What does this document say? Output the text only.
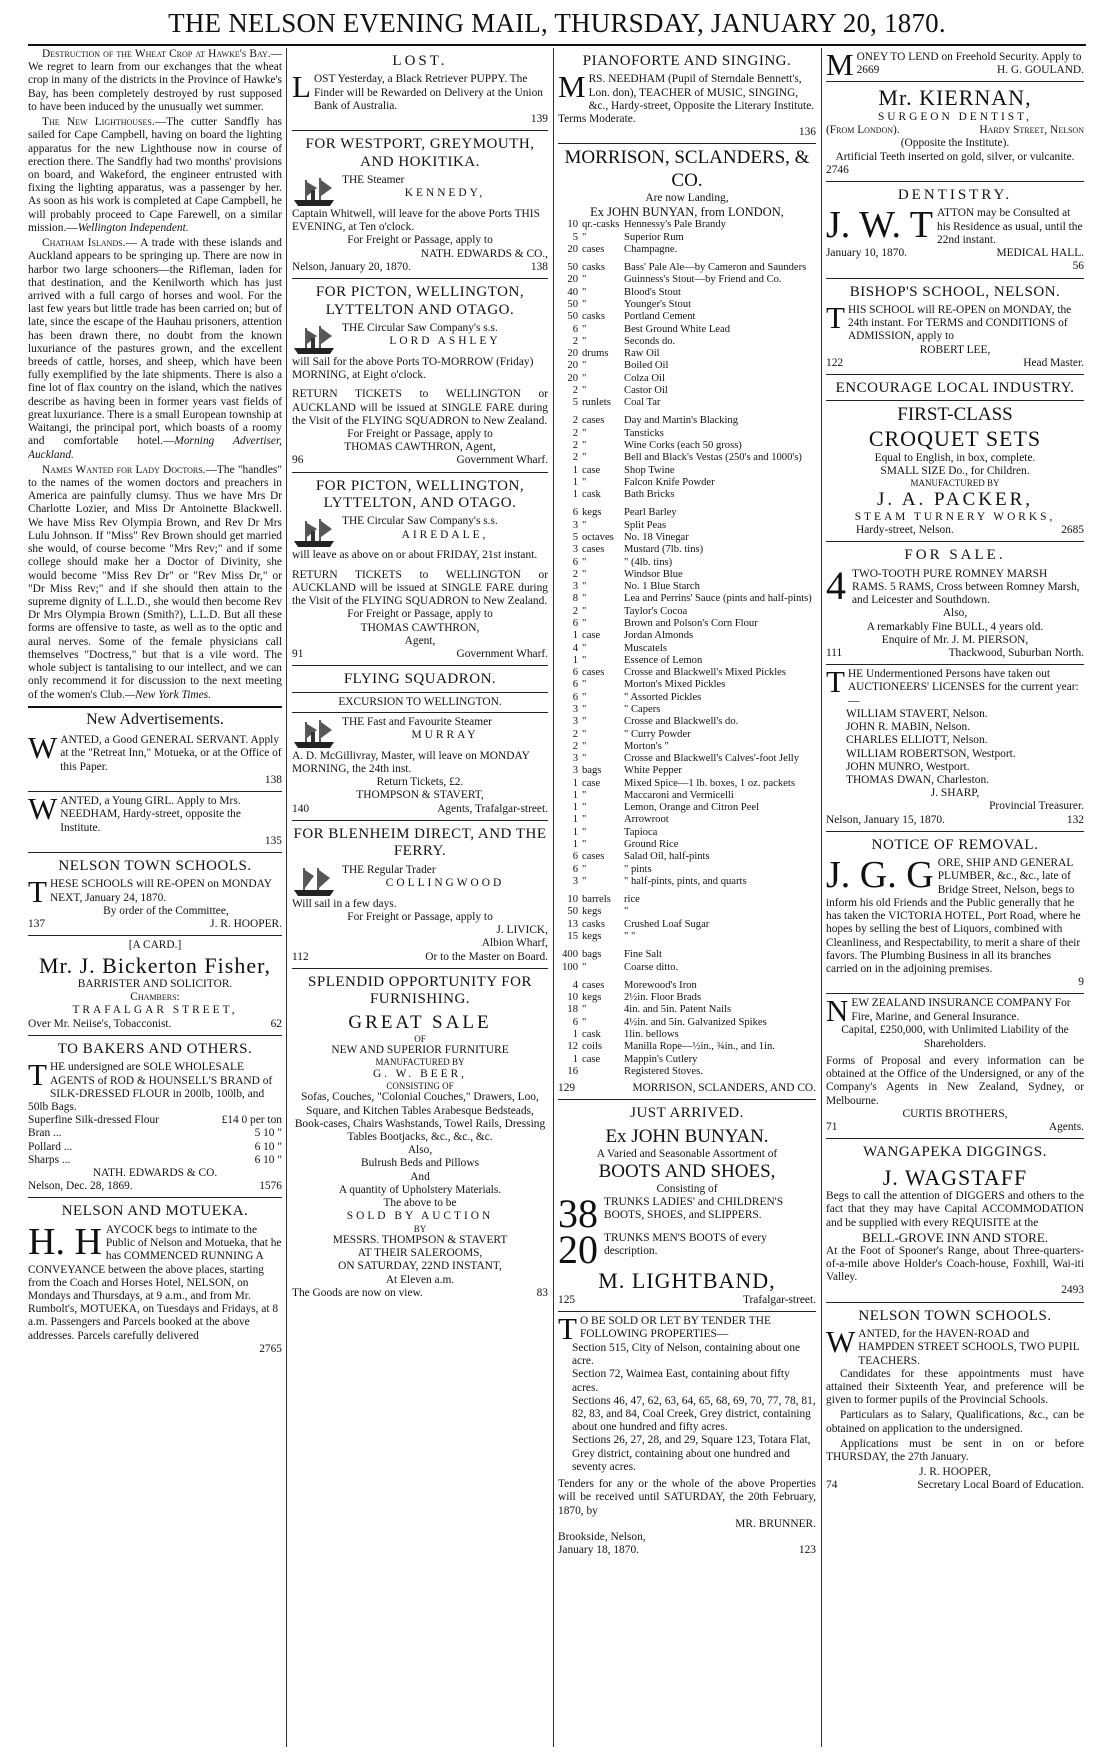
THE NELSON EVENING MAIL, THURSDAY, JANUARY 20, 1870.

Destruction of the Wheat Crop at Hawke's Bay.—We regret to learn from our exchanges that the wheat crop in many of the districts in the Province of Hawke's Bay, has been completely destroyed by rust supposed to have been induced by the unusually wet summer.

The New Lighthouses.—The cutter Sandfly has sailed for Cape Campbell, having on board the lighting apparatus for the new Lighthouse now in course of erection there. The Sandfly had two months' provisions on board, and Wakeford, the engineer entrusted with fixing the lighting apparatus, was a passenger by her. As soon as his work is completed at Cape Campbell, he will probably proceed to Cape Farewell, on a similar mission.—Wellington Independent.

Chatham Islands.— A trade with these islands and Auckland appears to be springing up. There are now in harbor two large schooners—the Rifleman, laden for that destination, and the Kenilworth which has just arrived with a full cargo of horses and wool. For the last few years but little trade has been carried on; but of late, since the escape of the Hauhau prisoners, attention has been drawn there, no doubt from the known luxuriance of the pastures grown, and the excellent breeds of cattle, horses, and sheep, which have been fully exemplified by the late shipments. There is also a fine lot of flax country on the island, which the natives describe as having been in former years vast fields of great luxuriance. There is a small European township at Waitangi, the principal port, which boasts of a roomy and comfortable hotel.—Morning Advertiser, Auckland.

Names Wanted for Lady Doctors.—The "handles" to the names of the women doctors and preachers in America are painfully clumsy. Thus we have Mrs Dr Charlotte Lozier, and Miss Dr Antoinette Blackwell. We have Miss Rev Olympia Brown, and Rev Dr Mrs Lulu Johnson. If "Miss" Rev Brown should get married she would, of course become "Mrs Rev;" and if some college should make her a Doctor of Divinity, she would become "Miss Rev Dr" or "Rev Miss Dr," or "Dr Miss Rev;" and if she should then attain to the supreme dignity of L.L.D., she would then become Rev Dr Mrs Olympia Brown (Smith?), L.L.D. But all these forms are offensive to taste, as well as to the optic and aural nerves. Some of the female physicians call themselves "Doctress," but that is a vile word. The whole subject is tantalising to our intellect, and we can only recommend it for discussion to the next meeting of the women's Club.—New York Times.

New Advertisements.
WANTED, a Good GENERAL SERVANT. Apply at the "Retreat Inn," Motueka, or at the Office of this Paper.
138
WANTED, a Young GIRL. Apply to Mrs. NEEDHAM, Hardy-street, opposite the Institute.
135
NELSON TOWN SCHOOLS.
T HESE SCHOOLS will RE-OPEN on MONDAY NEXT, January 24, 1870.
By order of the Committee,
137	J. R. HOOPER.
[A CARD.]
Mr. J. Bickerton Fisher,
BARRISTER AND SOLICITOR.
Chambers:
TRAFALGAR STREET,
Over Mr. Neiise's, Tobacconist.	62
TO BAKERS AND OTHERS.
T HE undersigned are SOLE WHOLESALE AGENTS of ROD & HOUNSELL'S BRAND of SILK-DRESSED FLOUR in 200lb, 100lb, and 50lb Bags.
Superfine Silk-dressed Flour	£14 0 per ton
Bran ...	5 10 "
Pollard ...	6 10 "
Sharps ...	6 10 "
NATH. EDWARDS & CO.
Nelson, Dec. 28, 1869.	1576
NELSON AND MOTUEKA.
H. H AYCOCK begs to intimate to the Public of Nelson and Motueka, that he has COMMENCED RUNNING A CONVEYANCE between the above places, starting from the Coach and Horses Hotel, NELSON, on Mondays and Thursdays, at 9 a.m., and from Mr. Rumbolt's, MOTUEKA, on Tuesdays and Fridays, at 8 a.m. Passengers and Parcels booked at the above addresses. Parcels carefully delivered
2765
LOST.
L OST Yesterday, a Black Retriever PUPPY. The Finder will be Rewarded on Delivery at the Union Bank of Australia.
139
FOR WESTPORT, GREYMOUTH, AND HOKITIKA.
THE Steamer
KENNEDY,
Captain Whitwell, will leave for the above Ports THIS EVENING, at Ten o'clock.
For Freight or Passage, apply to
NATH. EDWARDS & CO.,
Nelson, January 20, 1870.	138
FOR PICTON, WELLINGTON, LYTTELTON AND OTAGO.
THE Circular Saw Company's s.s.
LORD ASHLEY
will Sail for the above Ports TO-MORROW (Friday) MORNING, at Eight o'clock.
RETURN TICKETS to WELLINGTON or AUCKLAND will be issued at SINGLE FARE during the Visit of the FLYING SQUADRON to New Zealand.
For Freight or Passage, apply to
THOMAS CAWTHRON, Agent,
96	Government Wharf.
FOR PICTON, WELLINGTON, LYTTELTON, AND OTAGO.
THE Circular Saw Company's s.s.
AIREDALE,
will leave as above on or about FRIDAY, 21st instant.
RETURN TICKETS to WELLINGTON or AUCKLAND will be issued at SINGLE FARE during the Visit of the FLYING SQUADRON to New Zealand.
For Freight or Passage, apply to
THOMAS CAWTHRON,
Agent,
91	Government Wharf.
FLYING SQUADRON.
EXCURSION TO WELLINGTON.
THE Fast and Favourite Steamer
MURRAY
A. D. McGillivray, Master, will leave on MONDAY MORNING, the 24th inst.
Return Tickets, £2.
THOMPSON & STAVERT,
140	Agents, Trafalgar-street.
FOR BLENHEIM DIRECT, AND THE FERRY.
THE Regular Trader
COLLINGWOOD
Will sail in a few days.
For Freight or Passage, apply to
J. LIVICK,
Albion Wharf,
112	Or to the Master on Board.
SPLENDID OPPORTUNITY FOR FURNISHING.
GREAT SALE
OF
NEW AND SUPERIOR FURNITURE
MANUFACTURED BY
G. W. BEER,
CONSISTING OF
Sofas, Couches, "Colonial Couches," Drawers, Loo, Square, and Kitchen Tables Arabesque Bedsteads, Book-cases, Chairs Washstands, Towel Rails, Dressing Tables Bootjacks, &c., &c., &c.
Also,
Bulrush Beds and Pillows
And
A quantity of Upholstery Materials.
The above to be
SOLD BY AUCTION
BY
MESSRS. THOMPSON & STAVERT
AT THEIR SALEROOMS,
ON SATURDAY, 22ND INSTANT,
At Eleven a.m.
The Goods are now on view.	83
PIANOFORTE AND SINGING.
M RS. NEEDHAM (Pupil of Sterndale Bennett's, Lon. don), TEACHER of MUSIC, SINGING, &c., Hardy-street, Opposite the Literary Institute. Terms Moderate.
136
MORRISON, SCLANDERS, & CO.
Are now Landing,
Ex JOHN BUNYAN, from LONDON,
10	qr.-casks	Hennessy's Pale Brandy
5	"	Superior Rum
20	cases	Champagne.
50	casks	Bass' Pale Ale—by Cameron and Saunders
20	"	Guinness's Stout—by Friend and Co.
40	"	Blood's Stout
50	"	Younger's Stout
50	casks	Portland Cement
6	"	Best Ground White Lead
2	"	Seconds do.
20	drums	Raw Oil
20	"	Boiled Oil
20	"	Colza Oil
2	"	Castor Oil
5	runlets	Coal Tar
2	cases	Day and Martin's Blacking
2	"	Tansticks
2	"	Wine Corks (each 50 gross)
2	"	Bell and Black's Vestas (250's and 1000's)
1	case	Shop Twine
1	"	Falcon Knife Powder
1	cask	Bath Bricks
6	kegs	Pearl Barley
3	"	Split Peas
5	octaves	No. 18 Vinegar
3	cases	Mustard (7lb. tins)
6	"	" (4lb. tins)
2	"	Windsor Blue
3	"	No. 1 Blue Starch
8	"	Lea and Perrins' Sauce (pints and half-pints)
2	"	Taylor's Cocoa
6	"	Brown and Polson's Corn Flour
1	case	Jordan Almonds
4	"	Muscatels
1	"	Essence of Lemon
6	cases	Crosse and Blackwell's Mixed Pickles
6	"	Morton's Mixed Pickles
6	"	" Assorted Pickles
3	"	" Capers
3	"	Crosse and Blackwell's do.
2	"	" Curry Powder
2	"	Morton's "
3	"	Crosse and Blackwell's Calves'-foot Jelly
3	bags	White Pepper
1	case	Mixed Spice—1 lb. boxes, 1 oz. packets
1	"	Maccaroni and Vermicelli
1	"	Lemon, Orange and Citron Peel
1	"	Arrowroot
1	"	Tapioca
1	"	Ground Rice
6	cases	Salad Oil, half-pints
6	"	" pints
3	"	" half-pints, pints, and quarts
10	barrels	rice
50	kegs	"
13	casks	Crushed Loaf Sugar
15	kegs	" "
400	bags	Fine Salt
100	"	Coarse ditto.
4	cases	Morewood's Iron
10	kegs	2½in. Floor Brads
18	"	4in. and 5in. Patent Nails
6	"	4½in. and 5in. Galvanized Spikes
1	cask	1lin. bellows
12	coils	Manilla Rope—½in., ¾in., and 1in.
1	case	Mappin's Cutlery
16		Registered Stoves.
129	MORRISON, SCLANDERS, AND CO.
JUST ARRIVED.
Ex JOHN BUNYAN.
A Varied and Seasonable Assortment of
BOOTS AND SHOES,
Consisting of
38 TRUNKS LADIES' and CHILDREN'S BOOTS, SHOES, and SLIPPERS.
20 TRUNKS MEN'S BOOTS of every description.
M. LIGHTBAND,
125	Trafalgar-street.
T O BE SOLD OR LET BY TENDER THE FOLLOWING PROPERTIES—
Section 515, City of Nelson, containing about one acre.
Section 72, Waimea East, containing about fifty acres.
Sections 46, 47, 62, 63, 64, 65, 68, 69, 70, 77, 78, 81, 82, 83, and 84, Coal Creek, Grey district, containing about one hundred and fifty acres.
Sections 26, 27, 28, and 29, Square 123, Totara Flat, Grey district, containing about one hundred and seventy acres.
Tenders for any or the whole of the above Properties will be received until SATURDAY, the 20th February, 1870, by
MR. BRUNNER.
Brookside, Nelson,
January 18, 1870.	123
MONEY TO LEND on Freehold Security. Apply to
2669	H. G. GOULAND.
Mr. KIERNAN,
SURGEON DENTIST,
(From London).	Hardy Street, Nelson
(Opposite the Institute).
Artificial Teeth inserted on gold, silver, or vulcanite.
2746
DENTISTRY.
J. W. T ATTON may be Consulted at his Residence as usual, until the 22nd instant.
January 10, 1870.	MEDICAL HALL.
56
BISHOP'S SCHOOL, NELSON.
T HIS SCHOOL will RE-OPEN on MONDAY, the 24th instant. For TERMS and CONDITIONS of ADMISSION, apply to
ROBERT LEE,
122	Head Master.
ENCOURAGE LOCAL INDUSTRY.
FIRST-CLASS
CROQUET SETS
Equal to English, in box, complete.
SMALL SIZE Do., for Children.
MANUFACTURED BY
J. A. PACKER,
STEAM TURNERY WORKS,
Hardy-street, Nelson.	2685
FOR SALE.
4 TWO-TOOTH PURE ROMNEY MARSH RAMS. 5 RAMS, Cross between Romney Marsh, and Leicester and Southdown.
Also,
A remarkably Fine BULL, 4 years old.
Enquire of Mr. J. M. PIERSON,
111	Thackwood, Suburban North.
THE Undermentioned Persons have taken out AUCTIONEERS' LICENSES for the current year:—
WILLIAM STAVERT, Nelson.
JOHN R. MABIN, Nelson.
CHARLES ELLIOTT, Nelson.
WILLIAM ROBERTSON, Westport.
JOHN MUNRO, Westport.
THOMAS DWAN, Charleston.
J. SHARP,
Provincial Treasurer.
Nelson, January 15, 1870.	132
NOTICE OF REMOVAL.
J. G. G ORE, SHIP AND GENERAL PLUMBER, &c., &c., late of Bridge Street, Nelson, begs to inform his old Friends and the Public generally that he has taken the VICTORIA HOTEL, Port Road, where he hopes by selling the best of Liquors, combined with Cleanliness, and Respectability, to merit a share of their favors. The Plumbing Business in all its branches carried on in the adjoining premises.
9
NEW ZEALAND INSURANCE COMPANY For Fire, Marine, and General Insurance.
Capital, £250,000, with Unlimited Liability of the Shareholders.
Forms of Proposal and every information can be obtained at the Office of the Undersigned, or any of the Company's Agents in New Zealand, Sydney, or Melbourne.
CURTIS BROTHERS,
71	Agents.
WANGAPEKA DIGGINGS.
J. WAGSTAFF
Begs to call the attention of DIGGERS and others to the fact that they may have Capital ACCOMMODATION and be supplied with every REQUISITE at the
BELL-GROVE INN AND STORE.
At the Foot of Spooner's Range, about Three-quarters-of-a-mile above Holder's Coach-house, Foxhill, Wai-iti Valley.
2493
NELSON TOWN SCHOOLS.
W ANTED, for the HAVEN-ROAD and HAMPDEN STREET SCHOOLS, TWO PUPIL TEACHERS.

Candidates for these appointments must have attained their Sixteenth Year, and preference will be given to former pupils of the Provincial Schools.

Particulars as to Salary, Qualifications, &c., can be obtained on application to the undersigned.

Applications must be sent in on or before THURSDAY, the 27th January.

J. R. HOOPER,
74	Secretary Local Board of Education.
